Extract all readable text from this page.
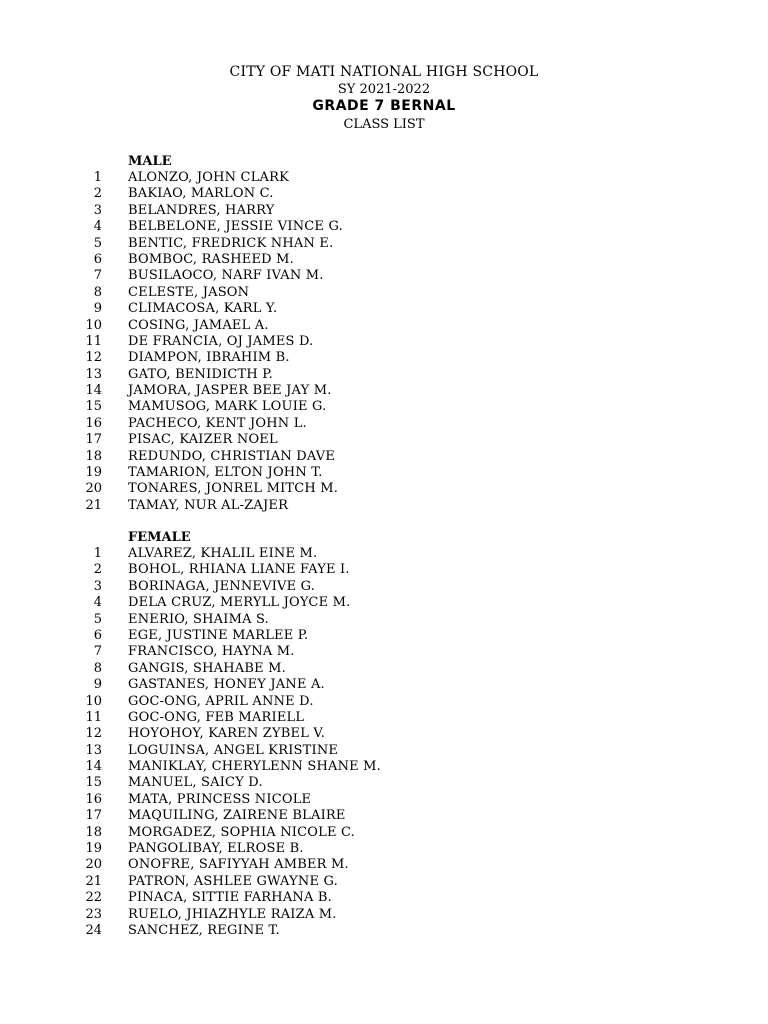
CITY OF MATI NATIONAL HIGH SCHOOL
SY 2021-2022
GRADE 7 BERNAL
CLASS LIST
MALE
1 ALONZO, JOHN CLARK
2 BAKIAO, MARLON C.
3 BELANDRES, HARRY
4 BELBELONE, JESSIE VINCE G.
5 BENTIC, FREDRICK NHAN E.
6 BOMBOC, RASHEED M.
7 BUSILAOCO, NARF IVAN M.
8 CELESTE, JASON
9 CLIMACOSA, KARL Y.
10 COSING, JAMAEL A.
11 DE FRANCIA, OJ JAMES D.
12 DIAMPON, IBRAHIM B.
13 GATO, BENIDICTH P.
14 JAMORA, JASPER BEE JAY M.
15 MAMUSOG, MARK LOUIE G.
16 PACHECO, KENT JOHN L.
17 PISAC, KAIZER NOEL
18 REDUNDO, CHRISTIAN DAVE
19 TAMARION, ELTON JOHN T.
20 TONARES, JONREL MITCH M.
21 TAMAY, NUR AL-ZAJER
FEMALE
1 ALVAREZ, KHALIL EINE M.
2 BOHOL, RHIANA LIANE FAYE I.
3 BORINAGA, JENNEVIVE G.
4 DELA CRUZ, MERYLL JOYCE M.
5 ENERIO, SHAIMA S.
6 EGE, JUSTINE MARLEE P.
7 FRANCISCO, HAYNA M.
8 GANGIS, SHAHABE M.
9 GASTANES, HONEY JANE A.
10 GOC-ONG, APRIL ANNE D.
11 GOC-ONG, FEB MARIELL
12 HOYOHOY, KAREN ZYBEL V.
13 LOGUINSA, ANGEL KRISTINE
14 MANIKLAY, CHERYLENN SHANE M.
15 MANUEL, SAICY D.
16 MATA, PRINCESS NICOLE
17 MAQUILING, ZAIRENE BLAIRE
18 MORGADEZ, SOPHIA NICOLE C.
19 PANGOLIBAY, ELROSE B.
20 ONOFRE, SAFIYYAH AMBER M.
21 PATRON, ASHLEE GWAYNE G.
22 PINACA, SITTIE FARHANA B.
23 RUELO, JHIAZHYLE RAIZA M.
24 SANCHEZ, REGINE T.
